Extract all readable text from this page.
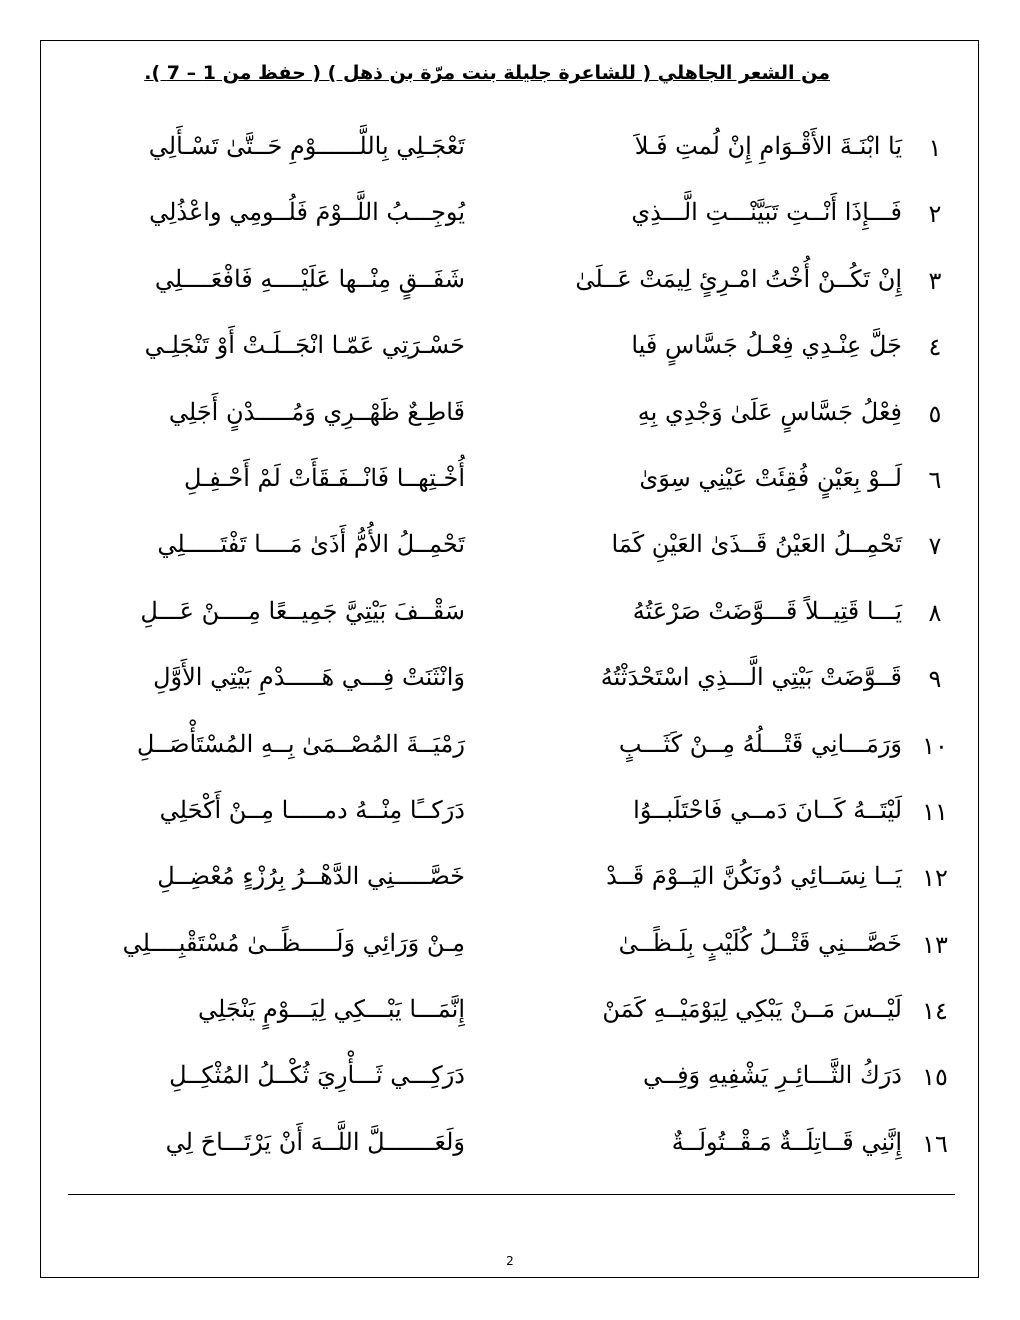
من الشعر الجاهلي ( للشاعرة جليلة بنت مرّة بن ذهل ) ( حفظ من 1 – 7 ).
١
يَا ابْنَـةَ الأَقْـوَامِ إِنْ لُمتِ فَـلاَ
تَعْجَـلِي بِاللَّــــــوْمِ حَــتَّىٰ تَسْـأَلِي
٢
فَـــإِذَا أَنْــتِ تَبَيَّنْـــتِ الَّـــذِي
يُوجِـــبُ اللَّــوْمَ فَلُــومِي واعْذُلِي
٣
إِنْ تَكُــنْ أُخْتُ امْـرِئٍ لِيمَتْ عَــلَىٰ
شَفَــقٍ مِنْــها عَلَيْــــهِ فَافْعَــــلِي
٤
جَلَّ عِنْـدِي فِعْـلُ جَسَّاسٍ فَيا
حَسْـرَتِي عَمّـا انْجَــلَـتْ أَوْ تَنْجَلِـي
٥
فِعْلُ جَسَّاسٍ عَلَىٰ وَجْدِي بِهِ
قَاطِـعٌ ظَهْــرِي وَمُـــــدْنٍ أَجَلِي
٦
لَــوْ بِعَيْنٍ فُقِئَتْ عَيْنِي سِوَىٰ
أُخْـتِهــا فَانْــفَـقَأَتْ لَمْ أَحْـفِـلِ
٧
تَحْمِــلُ العَيْنُ قَــذَىٰ العَيْنِ كَمَا
تَحْمِــلُ الأُمُّ أَذَىٰ مَــــا تَفْتَـــــلِي
٨
يَـــا قَتِيــلاً قَـــوَّضَتْ صَرْعَتُهُ
سَقْــفَ بَيْتِيَّ جَمِيــعًا مِــــنْ عَـــلِ
٩
قَــوَّضَتْ بَيْتِي الَّـــذِي اسْتَحْدَثْتُهُ
وَانْثَنَتْ فِـــي هَـــــدْمِ بَيْتِي الأَوَّلِ
١٠
وَرَمَـــانِي قَتْـــلُهُ مِــنْ كَثَـــبٍ
رَمْيَــةَ المُصْــمَىٰ بِــهِ المُسْتَأْصَــلِ
١١
لَيْتَــهُ كَــانَ دَمــي فَاحْتَلَبــوُا
دَرَكــًا مِنْــهُ دمـــــا مِــنْ أَكْحَلِي
١٢
يَــا نِسَــائِي دُونَكُنَّ اليَــوْمَ قَــدْ
خَصَّـــــنِي الدَّهْــرُ بِرُزْءٍ مُعْضِــلِ
١٣
خَصَّـــنِي قَتْــلُ كُلَيْبٍ بِلَـظًــىٰ
مِـنْ وَرَائِي وَلَـــــظًــىٰ مُسْتَقْبِــــلِي
١٤
لَيْــسَ مَــنْ يَبْكِي لِيَوْمَيْــهِ كَمَنْ
إِنَّمَـــا يَبْـــكِي لِيَـــوْمٍ يَنْجَلِي
١٥
دَرَكُ الثَّـــائِـرِ يَشْفِيهِ وَفِــي
دَرَكِـــي ثَـــأْرِيَ ثُكْــلُ المُثْكِــلِ
١٦
إِنَّنِي قَــاتِلَــةٌ مَـقْــتُولَــةٌ
وَلَعَـــــــلَّ اللَّــهَ أَنْ يَرْتَـــاحَ لِي
2
